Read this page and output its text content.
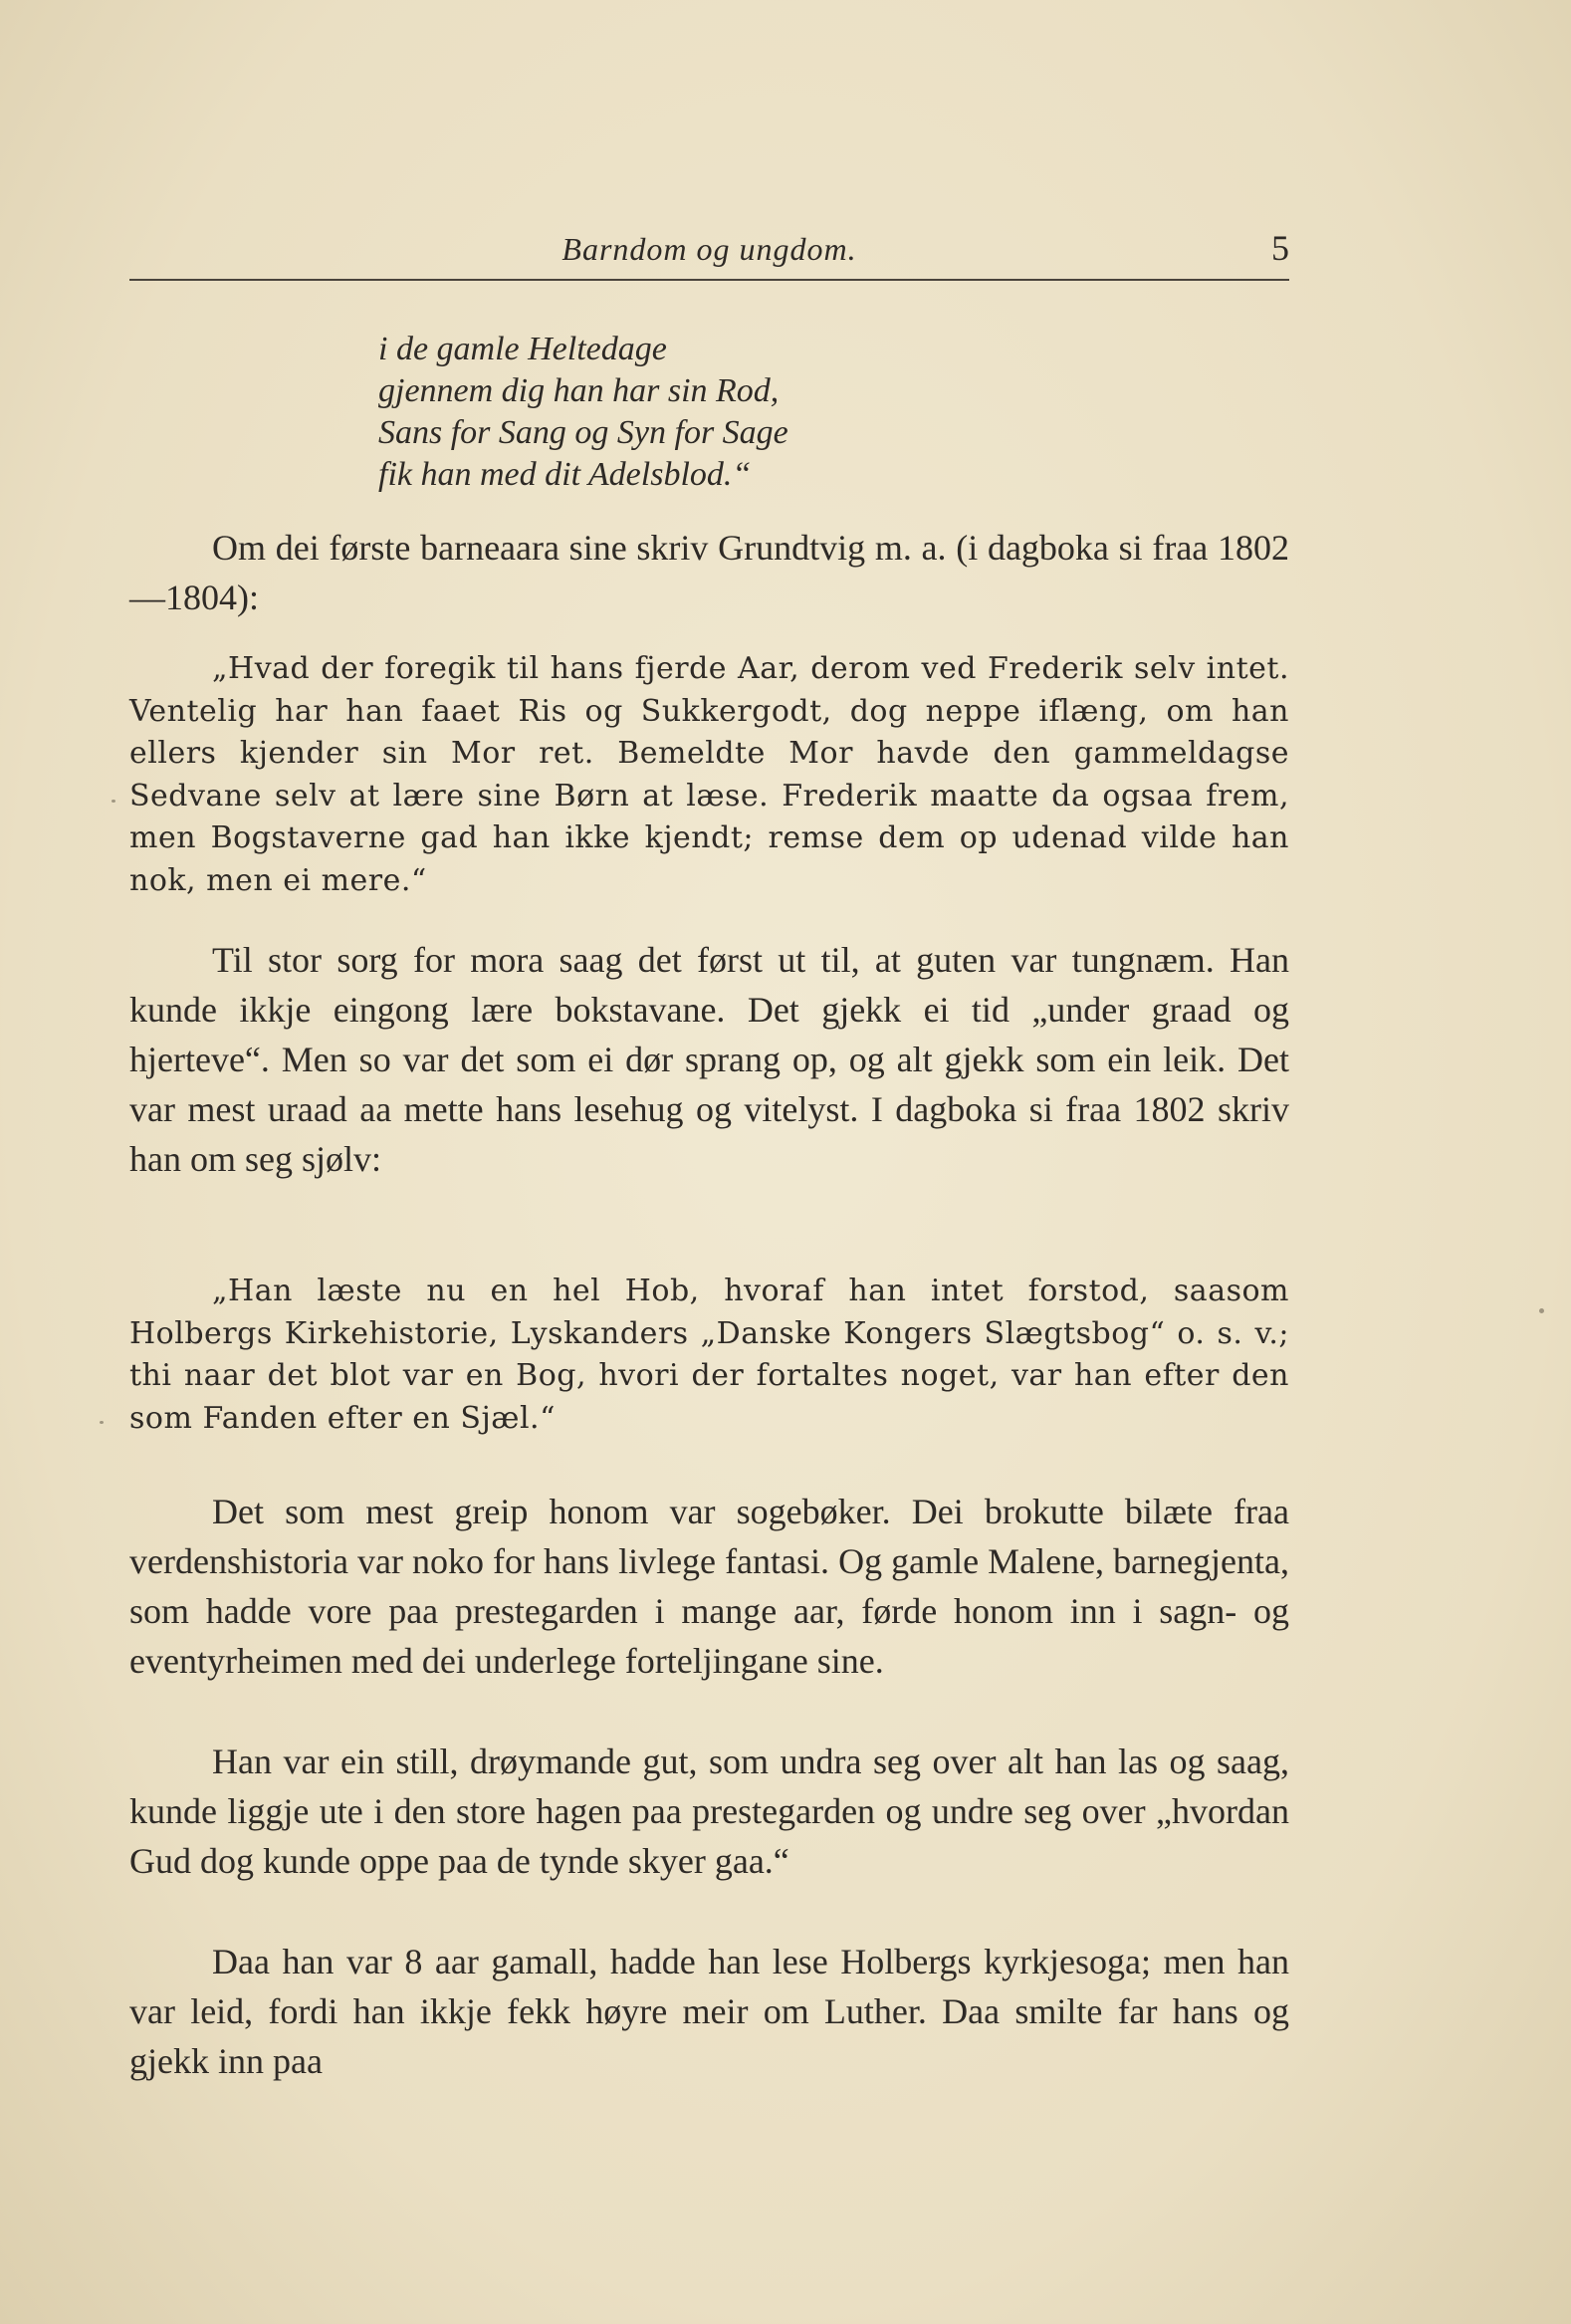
Barndom og ungdom.	5
i de gamle Heltedage
gjennem dig han har sin Rod,
Sans for Sang og Syn for Sage
fik han med dit Adelsblod.“

Om dei første barneaara sine skriv Grundtvig m. a. (i dagboka si fraa 1802—1804):

„Hvad der foregik til hans fjerde Aar, derom ved Frederik selv intet. Ventelig har han faaet Ris og Sukkergodt, dog neppe iflæng, om han ellers kjender sin Mor ret. Bemeldte Mor havde den gammeldagse Sedvane selv at lære sine Børn at læse. Frederik maatte da ogsaa frem, men Bogstaverne gad han ikke kjendt; remse dem op udenad vilde han nok, men ei mere.“

Til stor sorg for mora saag det først ut til, at guten var tungnæm. Han kunde ikkje eingong lære bokstavane. Det gjekk ei tid „under graad og hjerteve“. Men so var det som ei dør sprang op, og alt gjekk som ein leik. Det var mest uraad aa mette hans lesehug og vitelyst. I dagboka si fraa 1802 skriv han om seg sjølv:

„Han læste nu en hel Hob, hvoraf han intet forstod, saasom Holbergs Kirkehistorie, Lyskanders „Danske Kongers Slægtsbog“ o. s. v.; thi naar det blot var en Bog, hvori der fortaltes noget, var han efter den som Fanden efter en Sjæl.“

Det som mest greip honom var sogebøker. Dei brokutte bilæte fraa verdenshistoria var noko for hans livlege fantasi. Og gamle Malene, barnegjenta, som hadde vore paa prestegarden i mange aar, førde honom inn i sagn- og eventyrheimen med dei underlege forteljingane sine.

Han var ein still, drøymande gut, som undra seg over alt han las og saag, kunde liggje ute i den store hagen paa prestegarden og undre seg over „hvordan Gud dog kunde oppe paa de tynde skyer gaa.“

Daa han var 8 aar gamall, hadde han lese Holbergs kyrkjesoga; men han var leid, fordi han ikkje fekk høyre meir om Luther. Daa smilte far hans og gjekk inn paa
